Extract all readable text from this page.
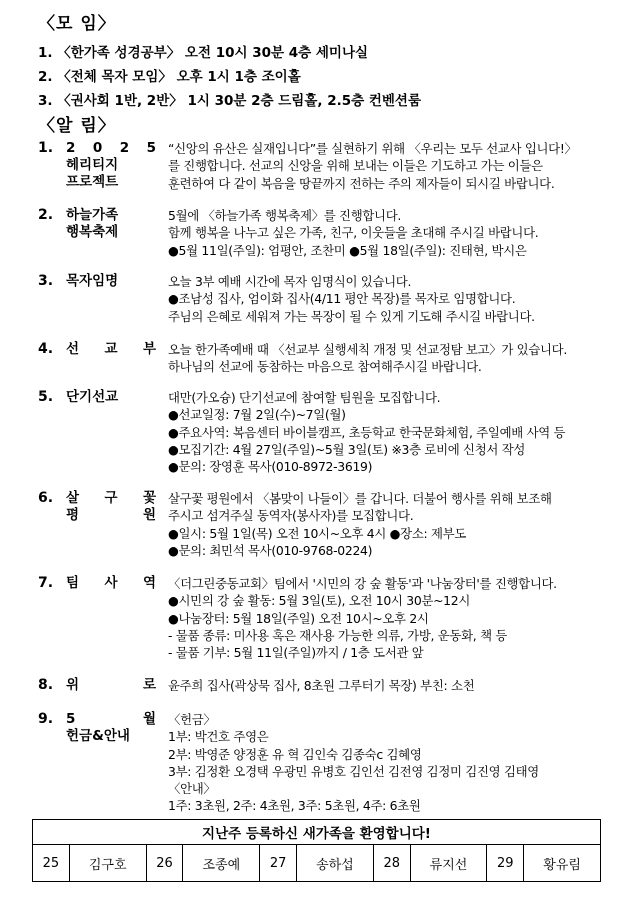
〈모 임〉
1. 〈한가족 성경공부〉 오전 10시 30분 4층 세미나실
2. 〈전체 목자 모임〉 오후 1시 1층 조이홀
3. 〈권사회 1반, 2반〉 1시 30분 2층 드림홀, 2.5층 컨벤션룸
〈알 림〉
1. 2 0 2 5
헤리티지
프로젝트
“신앙의 유산은 실재입니다”를 실현하기 위해 〈우리는 모두 선교사 입니다!〉
를 진행합니다. 선교의 신앙을 위해 보내는 이들은 기도하고 가는 이들은
훈련하여 다 같이 복음을 땅끝까지 전하는 주의 제자들이 되시길 바랍니다.
2. 하늘가족
행복축제
5월에 〈하늘가족 행복축제〉를 진행합니다.
함께 행복을 나누고 싶은 가족, 친구, 이웃들을 초대해 주시길 바랍니다.
●5월 11일(주일): 엄평안, 조찬미 ●5월 18일(주일): 진태현, 박시은
3. 목자임명	오늘 3부 예배 시간에 목자 임명식이 있습니다.
●조남성 집사, 엄이화 집사(4/11 평안 목장)를 목자로 임명합니다.
주님의 은혜로 세워져 가는 목장이 될 수 있게 기도해 주시길 바랍니다.
4. 선 교 부 오늘 한가족예배 때 〈선교부 실행세칙 개정 및 선교정탐 보고〉가 있습니다.
하나님의 선교에 동참하는 마음으로 참여해주시길 바랍니다.
5. 단기선교	대만(가오슝) 단기선교에 참여할 팀원을 모집합니다.
●선교일정: 7월 2일(수)~7일(월)
●주요사역: 복음센터 바이블캠프, 초등학교 한국문화체험, 주일예배 사역 등
●모집기간: 4월 27일(주일)~5월 3일(토) ※3층 로비에 신청서 작성
●문의: 장영훈 목사(010-8972-3619)
6. 살 구 꽃
평 원
살구꽃 평원에서 〈봄맞이 나들이〉를 갑니다. 더불어 행사를 위해 보조해
주시고 섬겨주실 동역자(봉사자)를 모집합니다.
●일시: 5월 1일(목) 오전 10시~오후 4시 ●장소: 제부도
●문의: 최민석 목사(010-9768-0224)
7. 팀 사 역 〈더그린중동교회〉팀에서 '시민의 강 숲 활동'과 '나눔장터'를 진행합니다.
●시민의 강 숲 활동: 5월 3일(토), 오전 10시 30분~12시
●나눔장터: 5월 18일(주일) 오전 10시~오후 2시
- 물품 종류: 미사용 혹은 재사용 가능한 의류, 가방, 운동화, 책 등
- 물품 기부: 5월 11일(주일)까지 / 1층 도서관 앞
8. 위 로 윤주희 집사(곽상묵 집사, 8초원 그루터기 목장) 부친: 소천
9. 5 월
헌금&안내
〈헌금〉
1부: 박건호 주영은
2부: 박영준 양정훈 유 혁 김인숙 김종숙c 김혜영
3부: 김정환 오경택 우광민 유병호 김인선 김전영 김정미 김진영 김태영
〈안내〉
1주: 3초원, 2주: 4초원, 3주: 5초원, 4주: 6초원
지난주 등록하신 새가족을 환영합니다!
25	김구호	26	조종예	27	송하섭	28	류지선	29	황유림
